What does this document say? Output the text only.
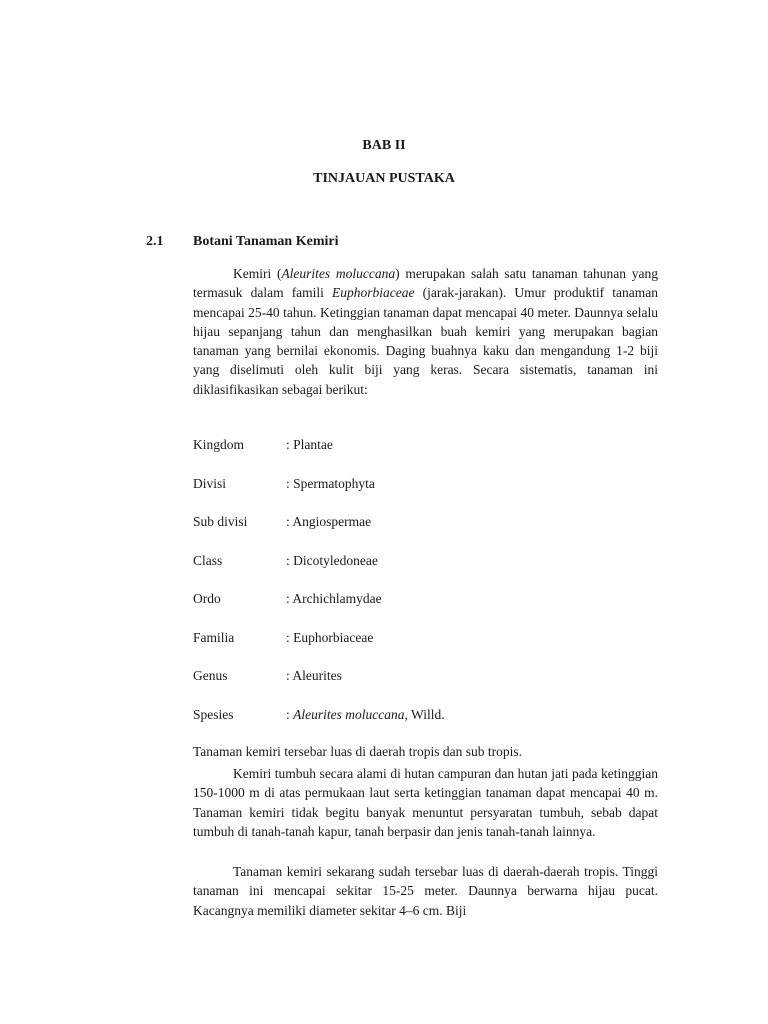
BAB II
TINJAUAN PUSTAKA
2.1 Botani Tanaman Kemiri
Kemiri (Aleurites moluccana) merupakan salah satu tanaman tahunan yang termasuk dalam famili Euphorbiaceae (jarak-jarakan). Umur produktif tanaman mencapai 25-40 tahun. Ketinggian tanaman dapat mencapai 40 meter. Daunnya selalu hijau sepanjang tahun dan menghasilkan buah kemiri yang merupakan bagian tanaman yang bernilai ekonomis. Daging buahnya kaku dan mengandung 1-2 biji yang diselimuti oleh kulit biji yang keras. Secara sistematis, tanaman ini diklasifikasikan sebagai berikut:
Kingdom	: Plantae
Divisi	: Spermatophyta
Sub divisi	: Angiospermae
Class	: Dicotyledoneae
Ordo	: Archichlamydae
Familia	: Euphorbiaceae
Genus	: Aleurites
Spesies	: Aleurites moluccana, Willd.
Tanaman kemiri tersebar luas di daerah tropis dan sub tropis.
Kemiri tumbuh secara alami di hutan campuran dan hutan jati pada ketinggian 150-1000 m di atas permukaan laut serta ketinggian tanaman dapat mencapai 40 m. Tanaman kemiri tidak begitu banyak menuntut persyaratan tumbuh, sebab dapat tumbuh di tanah-tanah kapur, tanah berpasir dan jenis tanah-tanah lainnya.
Tanaman kemiri sekarang sudah tersebar luas di daerah-daerah tropis. Tinggi tanaman ini mencapai sekitar 15-25 meter. Daunnya berwarna hijau pucat. Kacangnya memiliki diameter sekitar 4–6 cm. Biji
